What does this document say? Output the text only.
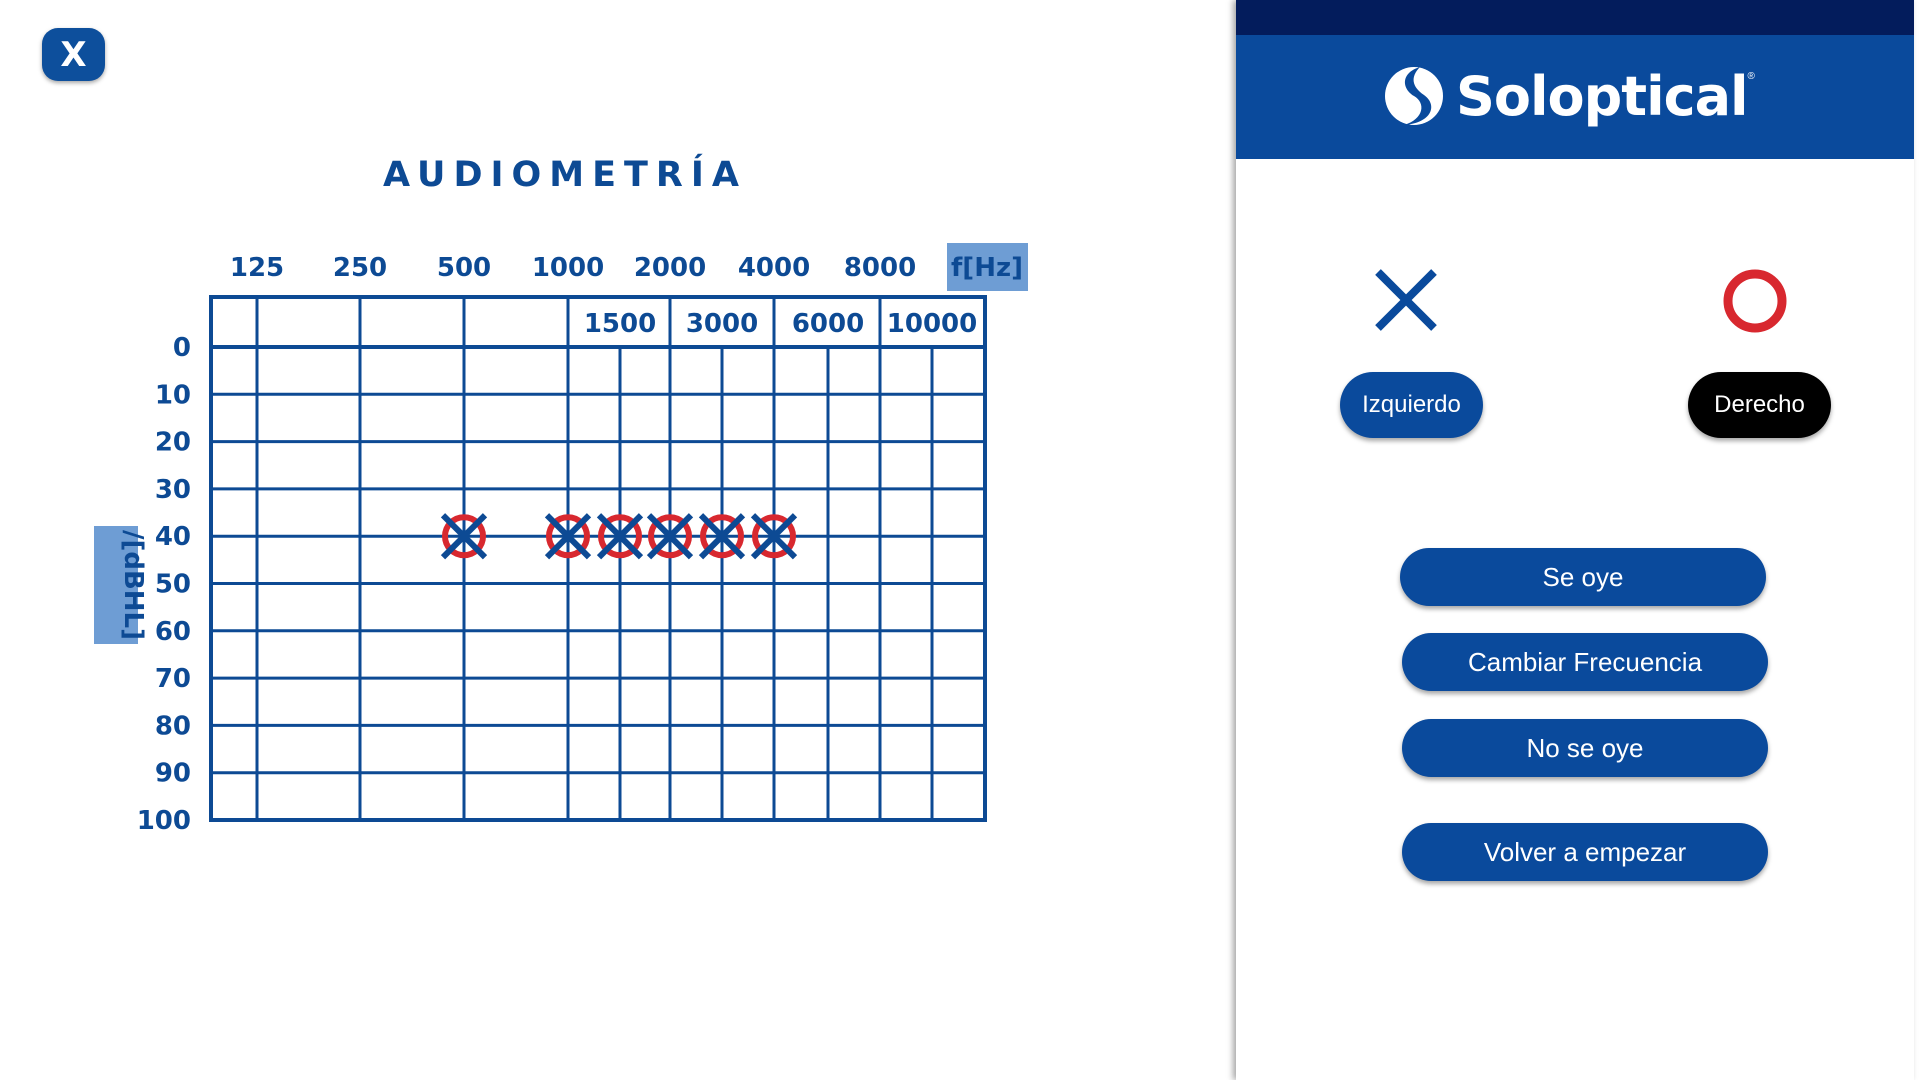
X
AUDIOMETRÍA
125 250 500 1000 2000 4000 8000
1500 3000 6000 10000
f[Hz]
0
10
20
30
40
50
60
70
80
90
100
/[dBHL]
Soloptical ®
Izquierdo	Derecho
Se oye
Cambiar Frecuencia
No se oye
Volver a empezar
